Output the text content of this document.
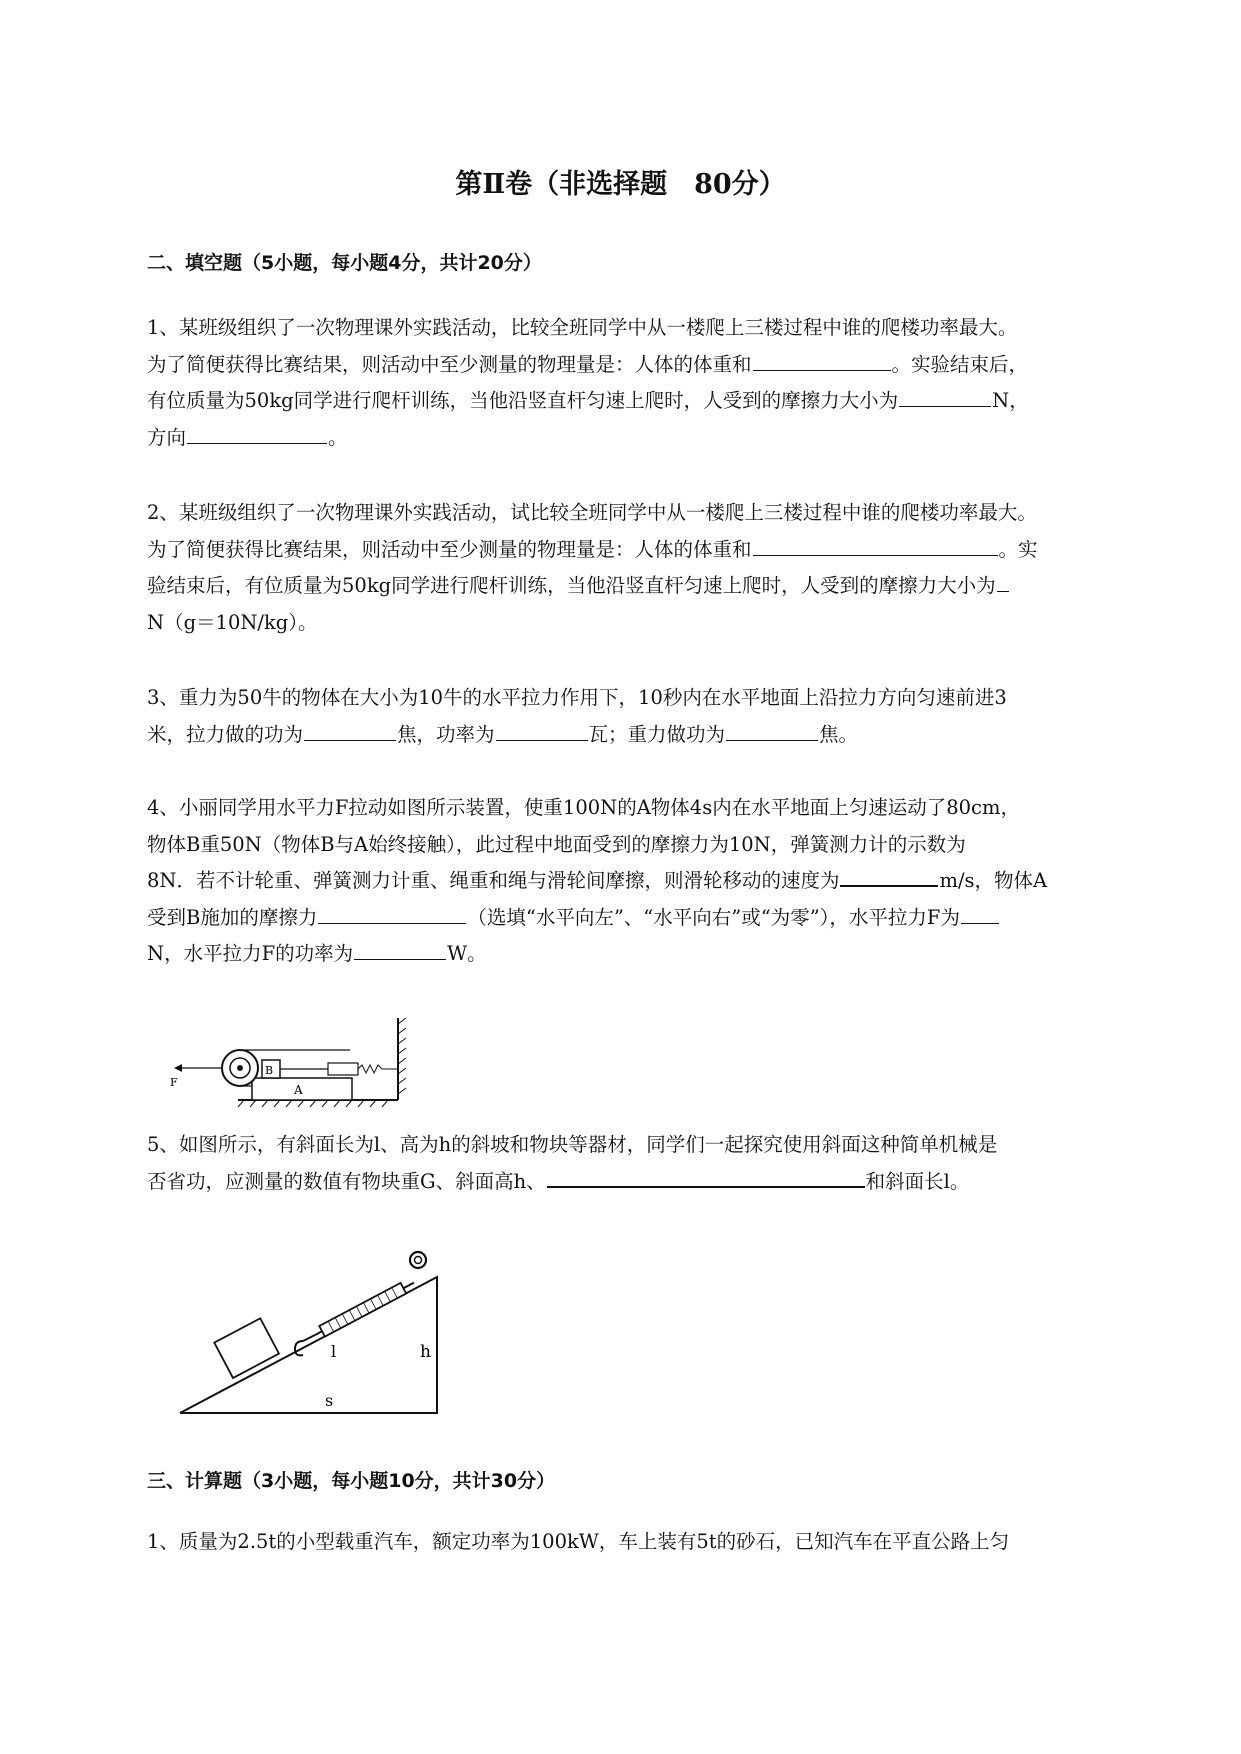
第Ⅱ卷（非选择题　80分）
二、填空题（5小题，每小题4分，共计20分）

1、某班级组织了一次物理课外实践活动，比较全班同学中从一楼爬上三楼过程中谁的爬楼功率最大。

为了简便获得比赛结果，则活动中至少测量的物理量是：人体的体重和	。实验结束后，

有位质量为50kg同学进行爬杆训练，当他沿竖直杆匀速上爬时，人受到的摩擦力大小为	N，

方向	。

2、某班级组织了一次物理课外实践活动，试比较全班同学中从一楼爬上三楼过程中谁的爬楼功率最大。

为了简便获得比赛结果，则活动中至少测量的物理量是：人体的体重和	。实

验结束后，有位质量为50kg同学进行爬杆训练，当他沿竖直杆匀速上爬时，人受到的摩擦力大小为

N（g＝10N/kg）。

3、重力为50牛的物体在大小为10牛的水平拉力作用下，10秒内在水平地面上沿拉力方向匀速前进3

米，拉力做的功为	焦，功率为	瓦；重力做功为	焦。

4、小丽同学用水平力F拉动如图所示装置，使重100N的A物体4s内在水平地面上匀速运动了80cm，

物体B重50N（物体B与A始终接触），此过程中地面受到的摩擦力为10N，弹簧测力计的示数为

8N．若不计轮重、弹簧测力计重、绳重和绳与滑轮间摩擦，则滑轮移动的速度为	m/s，物体A

受到B施加的摩擦力	（选填“水平向左”、“水平向右”或“为零”），水平拉力F为

N，水平拉力F的功率为	W。

A
B
F

5、如图所示，有斜面长为l、高为h的斜坡和物块等器材，同学们一起探究使用斜面这种简单机械是

否省功，应测量的数值有物块重G、斜面高h、	和斜面长l。

l	h
s
三、计算题（3小题，每小题10分，共计30分）

1、质量为2.5t的小型载重汽车，额定功率为100kW，车上装有5t的砂石，已知汽车在平直公路上匀
